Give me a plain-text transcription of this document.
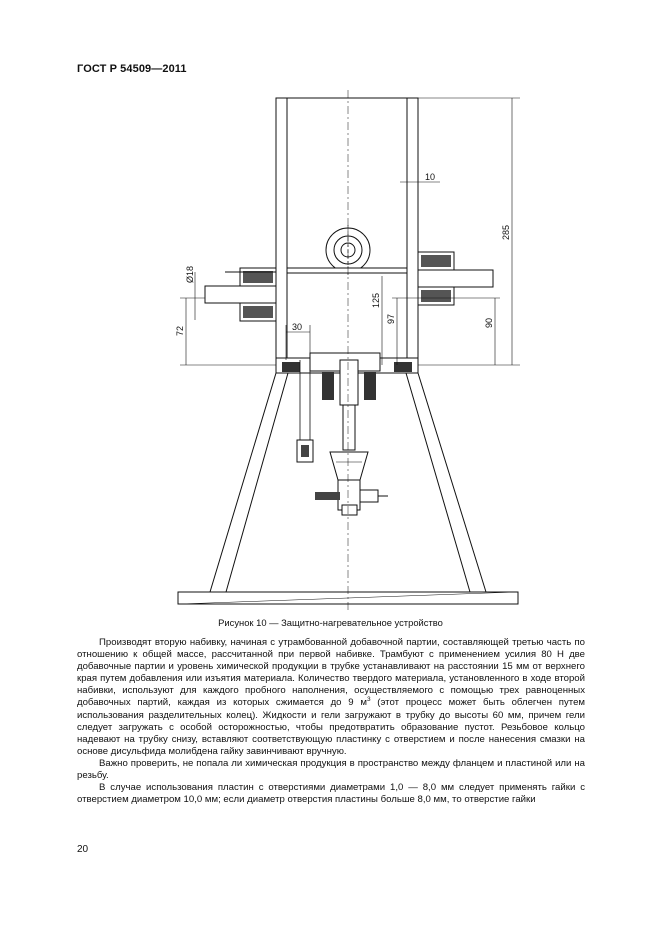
ГОСТ Р 54509—2011
10
285
Ø18
125
97	90
72	30
Рисунок 10 — Защитно-нагревательное устройство

Производят вторую набивку, начиная с утрамбованной добавочной партии, составляющей третью часть по отношению к общей массе, рассчитанной при первой набивке. Трамбуют с применением усилия 80 Н две добавочные партии и уровень химической продукции в трубке устанавливают на расстоянии 15 мм от верхнего края путем добавления или изъятия материала. Количество твердого материала, установленного в ходе второй набивки, используют для каждого пробного наполнения, осуществляемого с помощью трех равноценных добавочных партий, каждая из которых сжимается до 9 $м^3$ (этот процесс может быть облегчен путем использования разделительных колец). Жидкости и гели загружают в трубку до высоты 60 мм, причем гели следует загружать с особой осторожностью, чтобы предотвратить образование пустот. Резьбовое кольцо надевают на трубку снизу, вставляют соответствующую пластинку с отверстием и после нанесения смазки на основе дисульфида молибдена гайку завинчивают вручную.

Важно проверить, не попала ли химическая продукция в пространство между фланцем и пластиной или на резьбу.

В случае использования пластин с отверстиями диаметрами 1,0 — 8,0 мм следует применять гайки с отверстием диаметром 10,0 мм; если диаметр отверстия пластины больше 8,0 мм, то отверстие гайки

20
